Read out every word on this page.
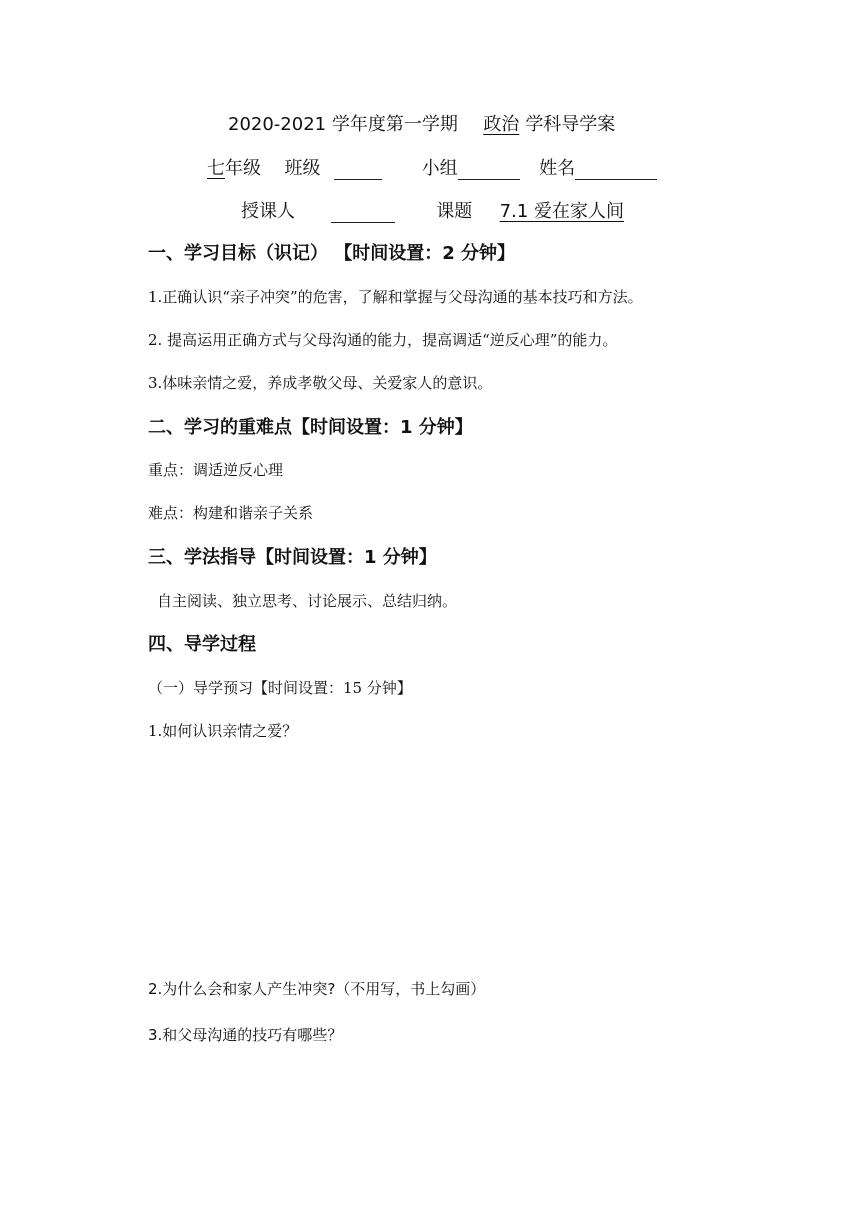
2020-2021 学年度第一学期 政治 学科导学案
七年级 班级	小组	姓名
授课人	课题 7.1 爱在家人间
一、学习目标（识记） 【时间设置：2 分钟】
1.正确认识“亲子冲突”的危害，了解和掌握与父母沟通的基本技巧和方法。
2. 提高运用正确方式与父母沟通的能力，提高调适“逆反心理”的能力。
3.体味亲情之爱，养成孝敬父母、关爱家人的意识。
二、学习的重难点【时间设置：1 分钟】
重点：调适逆反心理
难点：构建和谐亲子关系
三、学法指导【时间设置：1 分钟】
自主阅读、独立思考、讨论展示、总结归纳。
四、导学过程
（一）导学预习【时间设置：15 分钟】
1.如何认识亲情之爱？
2.为什么会和家人产生冲突?（不用写，书上勾画）
3.和父母沟通的技巧有哪些？
